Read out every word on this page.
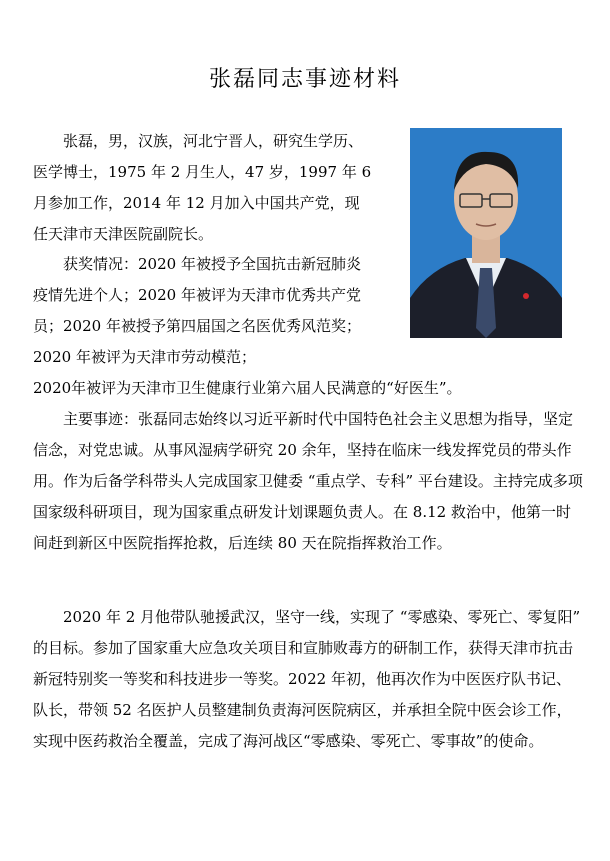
张磊同志事迹材料

张磊，男，汉族，河北宁晋人，研究生学历、医学博士，1975 年 2 月生人，47 岁，1997 年 6 月参加工作，2014 年 12 月加入中国共产党，现任天津市天津医院副院长。

获奖情况：2020 年被授予全国抗击新冠肺炎疫情先进个人；2020 年被评为天津市优秀共产党员；2020 年被授予第四届国之名医优秀风范奖；2020 年被评为天津市劳动模范；

2020年被评为天津市卫生健康行业第六届人民满意的“好医生”。

主要事迹：张磊同志始终以习近平新时代中国特色社会主义思想为指导，坚定信念，对党忠诚。从事风湿病学研究 20 余年，坚持在临床一线发挥党员的带头作用。作为后备学科带头人完成国家卫健委 “重点学、专科” 平台建设。主持完成多项国家级科研项目，现为国家重点研发计划课题负责人。在 8.12 救治中，他第一时间赶到新区中医院指挥抢救，后连续 80 天在院指挥救治工作。

2020 年 2 月他带队驰援武汉，坚守一线，实现了 “零感染、零死亡、零复阳” 的目标。参加了国家重大应急攻关项目和宣肺败毒方的研制工作，获得天津市抗击新冠特别奖一等奖和科技进步一等奖。2022 年初，他再次作为中医医疗队书记、队长，带领 52 名医护人员整建制负责海河医院病区，并承担全院中医会诊工作，实现中医药救治全覆盖，完成了海河战区“零感染、零死亡、零事故”的使命。
